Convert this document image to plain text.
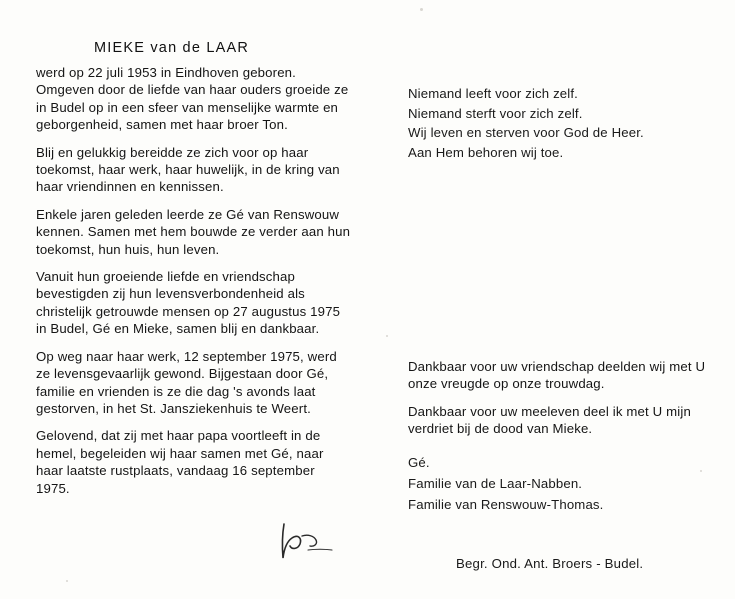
MIEKE van de LAAR

werd op 22 juli 1953 in Eindhoven geboren. Omgeven door de liefde van haar ouders groeide ze in Budel op in een sfeer van menselijke warmte en geborgenheid, samen met haar broer Ton.

Blij en gelukkig bereidde ze zich voor op haar toekomst, haar werk, haar huwelijk, in de kring van haar vriendinnen en kennissen.

Enkele jaren geleden leerde ze Gé van Renswouw kennen. Samen met hem bouwde ze verder aan hun toekomst, hun huis, hun leven.

Vanuit hun groeiende liefde en vriendschap bevestigden zij hun levensverbondenheid als christelijk getrouwde mensen op 27 augustus 1975 in Budel, Gé en Mieke, samen blij en dankbaar.

Op weg naar haar werk, 12 september 1975, werd ze levensgevaarlijk gewond. Bijgestaan door Gé, familie en vrienden is ze die dag 's avonds laat gestorven, in het St. Jansziekenhuis te Weert.

Gelovend, dat zij met haar papa voortleeft in de hemel, begeleiden wij haar samen met Gé, naar haar laatste rustplaats, vandaag 16 september 1975.

Niemand leeft voor zich zelf.
Niemand sterft voor zich zelf.
Wij leven en sterven voor God de Heer.
Aan Hem behoren wij toe.

Dankbaar voor uw vriendschap deelden wij met U onze vreugde op onze trouwdag.

Dankbaar voor uw meeleven deel ik met U mijn verdriet bij de dood van Mieke.

Gé.
Familie van de Laar-Nabben.
Familie van Renswouw-Thomas.
Begr. Ond. Ant. Broers - Budel.
